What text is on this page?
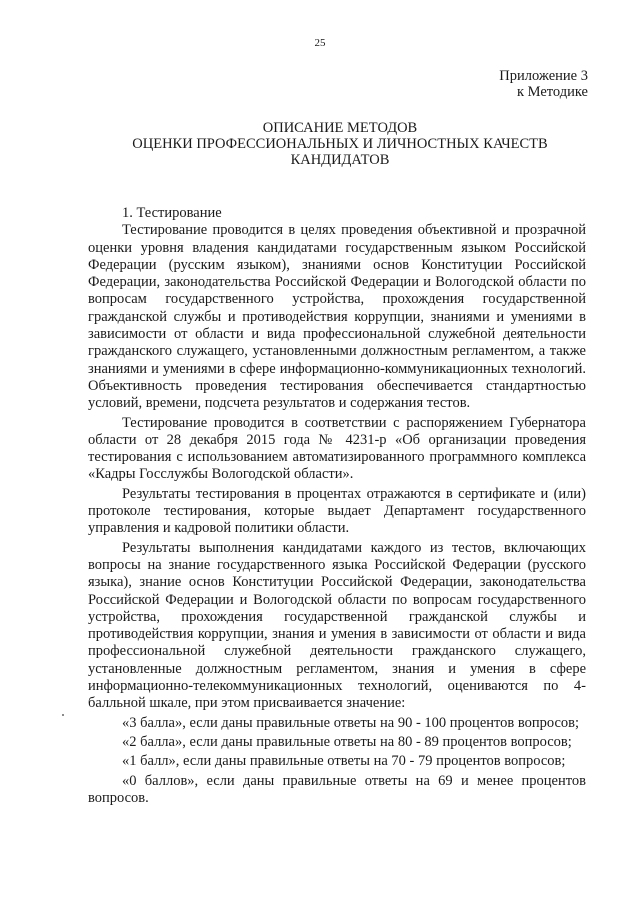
25
Приложение 3
к Методике
ОПИСАНИЕ МЕТОДОВ
ОЦЕНКИ ПРОФЕССИОНАЛЬНЫХ И ЛИЧНОСТНЫХ КАЧЕСТВ
КАНДИДАТОВ

1. Тестирование

Тестирование проводится в целях проведения объективной и прозрачной оценки уровня владения кандидатами государственным языком Российской Федерации (русским языком), знаниями основ Конституции Российской Федерации, законодательства Российской Федерации и Вологодской области по вопросам государственного устройства, прохождения государственной гражданской службы и противодействия коррупции, знаниями и умениями в зависимости от области и вида профессиональной служебной деятельности гражданского служащего, установленными должностным регламентом, а также знаниями и умениями в сфере информационно-коммуникационных технологий. Объективность проведения тестирования обеспечивается стандартностью условий, времени, подсчета результатов и содержания тестов.

Тестирование проводится в соответствии с распоряжением Губернатора области от 28 декабря 2015 года № 4231-р «Об организации проведения тестирования с использованием автоматизированного программного комплекса «Кадры Госслужбы Вологодской области».

Результаты тестирования в процентах отражаются в сертификате и (или) протоколе тестирования, которые выдает Департамент государственного управления и кадровой политики области.

Результаты выполнения кандидатами каждого из тестов, включающих вопросы на знание государственного языка Российской Федерации (русского языка), знание основ Конституции Российской Федерации, законодательства Российской Федерации и Вологодской области по вопросам государственного устройства, прохождения государственной гражданской службы и противодействия коррупции, знания и умения в зависимости от области и вида профессиональной служебной деятельности гражданского служащего, установленные должностным регламентом, знания и умения в сфере информационно-телекоммуникационных технологий, оцениваются по 4-балльной шкале, при этом присваивается значение:

«3 балла», если даны правильные ответы на 90 - 100 процентов вопросов;

«2 балла», если даны правильные ответы на 80 - 89 процентов вопросов;

«1 балл», если даны правильные ответы на 70 - 79 процентов вопросов;

«0 баллов», если даны правильные ответы на 69 и менее процентов вопросов.
